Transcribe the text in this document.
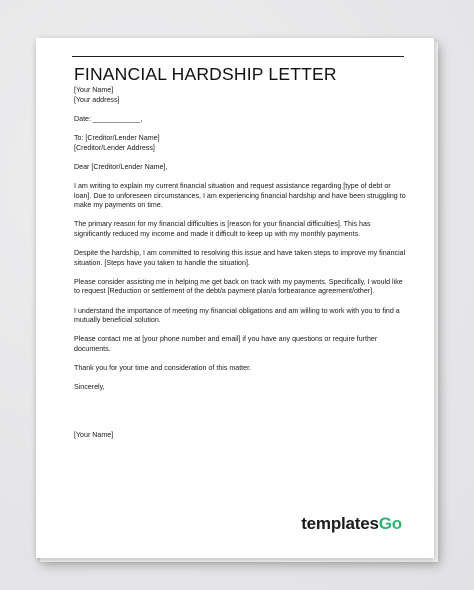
FINANCIAL HARDSHIP LETTER

[Your Name]

[Your address]

Date: ____________,

To: [Creditor/Lender Name]

[Creditor/Lender Address]

Dear [Creditor/Lender Name],

I am writing to explain my current financial situation and request assistance regarding [type of debt or loan]. Due to unforeseen circumstances, I am experiencing financial hardship and have been struggling to make my payments on time.

The primary reason for my financial difficulties is [reason for your financial difficulties]. This has significantly reduced my income and made it difficult to keep up with my monthly payments.

Despite the hardship, I am committed to resolving this issue and have taken steps to improve my financial situation. [Steps have you taken to handle the situation].

Please consider assisting me in helping me get back on track with my payments. Specifically, I would like to request [Reduction or settlement of the debt/a payment plan/a forbearance agreement/other].

I understand the importance of meeting my financial obligations and am willing to work with you to find a mutually beneficial solution.

Please contact me at [your phone number and email] if you have any questions or require further documents.

Thank you for your time and consideration of this matter.

Sincerely,

[Your Name]

templatesGo
